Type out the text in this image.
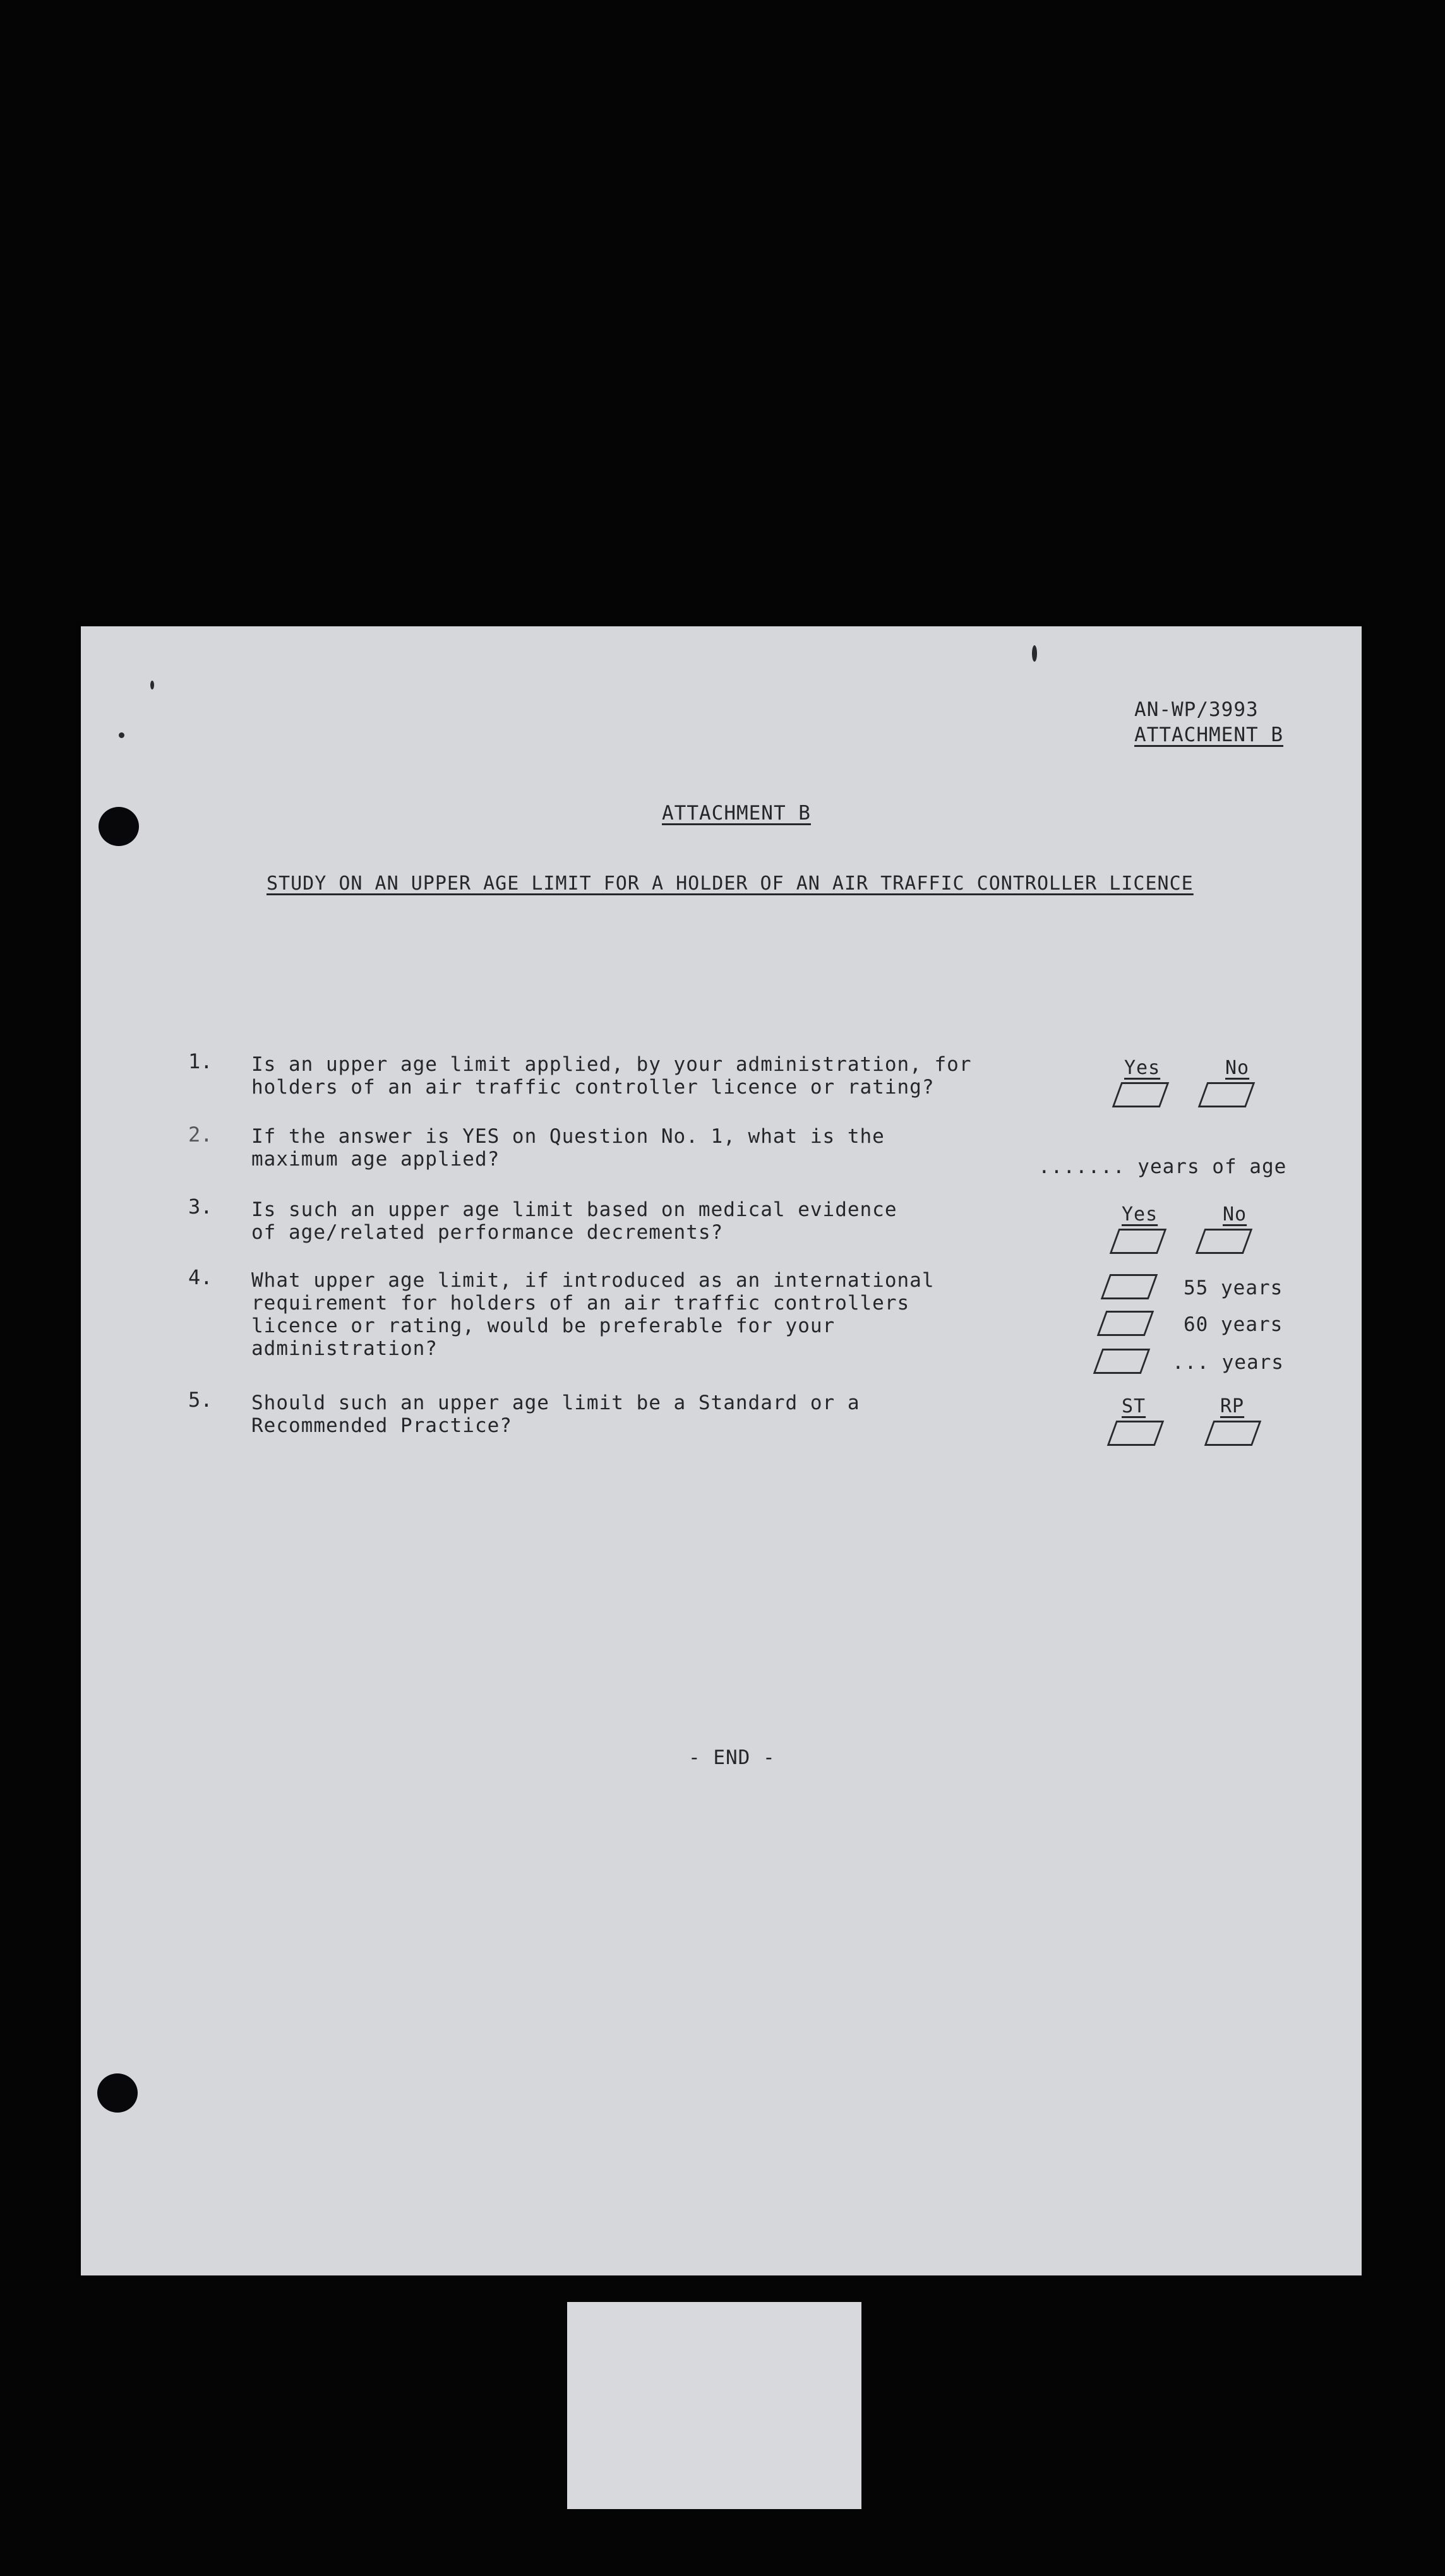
AN-WP/3993
ATTACHMENT B
ATTACHMENT B
STUDY ON AN UPPER AGE LIMIT FOR A HOLDER OF AN AIR TRAFFIC CONTROLLER LICENCE
1. Is an upper age limit applied, by your administration, for
holders of an air traffic controller licence or rating?
Yes	No
2. If the answer is YES on Question No. 1, what is the
maximum age applied?	....... years of age
3. Is such an upper age limit based on medical evidence
of age/related performance decrements?
Yes	No
4. What upper age limit, if introduced as an international
requirement for holders of an air traffic controllers
licence or rating, would be preferable for your
administration?
55 years
60 years
... years
5. Should such an upper age limit be a Standard or a
Recommended Practice?
ST	RP
- END -
